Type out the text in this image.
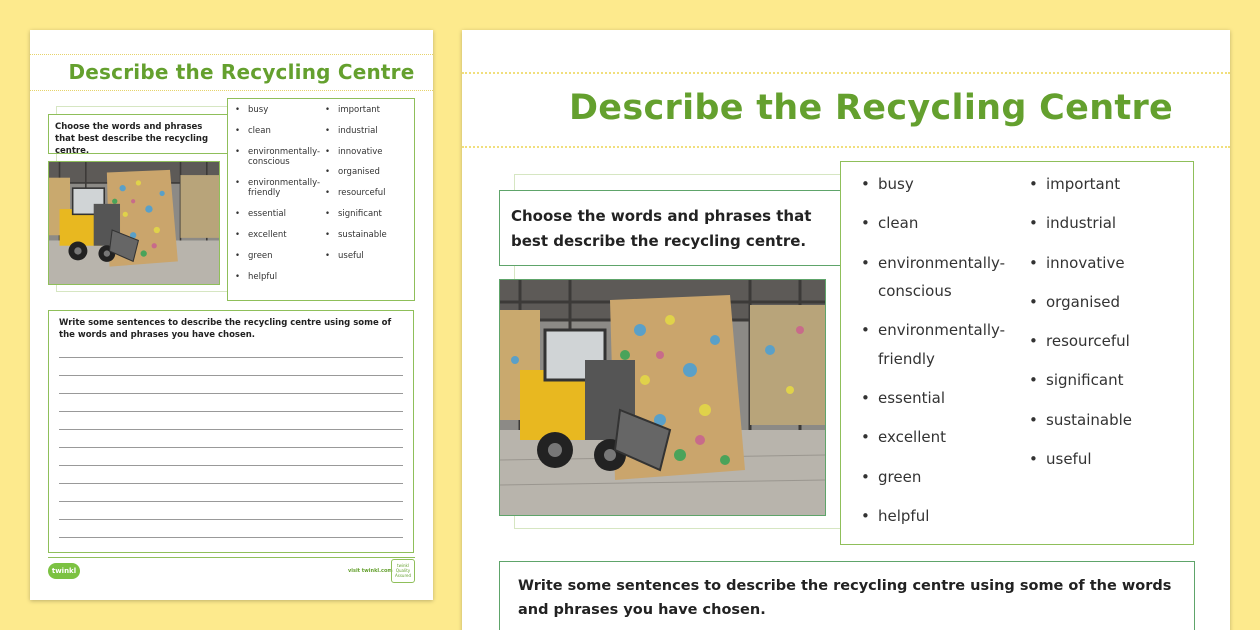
Describe the Recycling Centre
Choose the words and phrases that best describe the recycling centre.
• busy
• clean
• environmentally-conscious
• environmentally-friendly
• essential
• excellent
• green
• helpful
• important
• industrial
• innovative
• organised
• resourceful
• significant
• sustainable
• useful
Write some sentences to describe the recycling centre using some of the words and phrases you have chosen.
twinkl	visit twinkl.com
twinkl Quality Assured
Describe the Recycling Centre
Choose the words and phrases that best describe the recycling centre.
• busy
• clean
• environmentally-conscious
• environmentally-friendly
• essential
• excellent
• green
• helpful
• important
• industrial
• innovative
• organised
• resourceful
• significant
• sustainable
• useful
Write some sentences to describe the recycling centre using some of the words and phrases you have chosen.
